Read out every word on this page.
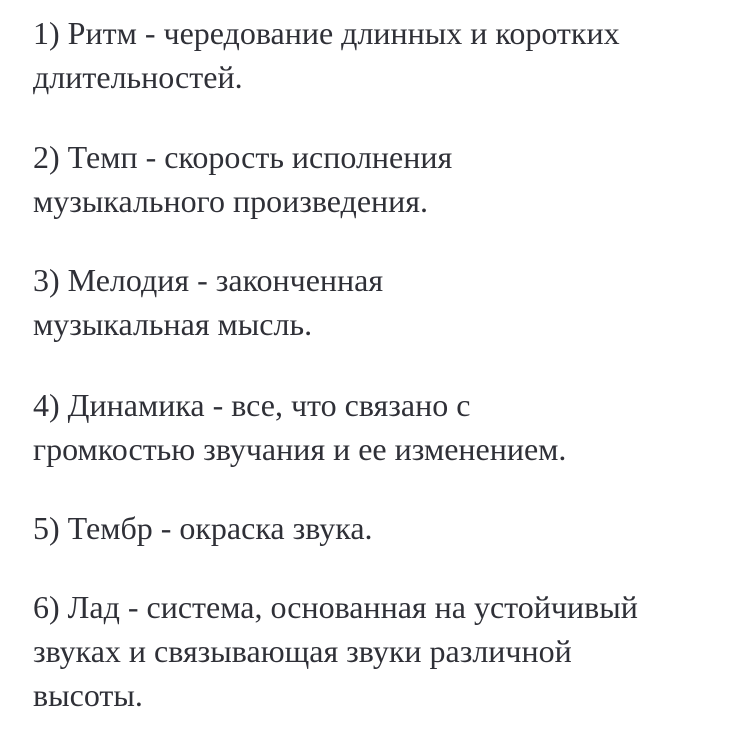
1) Ритм - чередование длинных и коротких
длительностей.
2) Темп - скорость исполнения
музыкального произведения.
3) Мелодия - законченная
музыкальная мысль.
4) Динамика - все, что связано с
громкостью звучания и ее изменением.
5) Тембр - окраска звука.
6) Лад - система, основанная на устойчивый
звуках и связывающая звуки различной
высоты.
